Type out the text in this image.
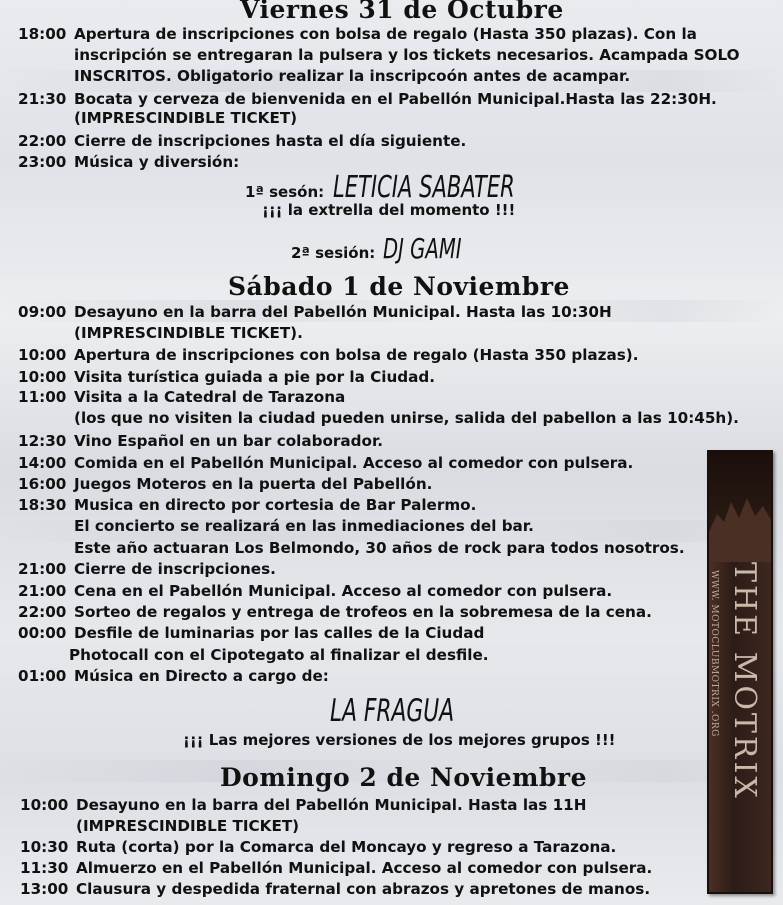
Viernes 31 de Octubre
18:00 Apertura de inscripciones con bolsa de regalo (Hasta 350 plazas). Con la
inscripción se entregaran la pulsera y los tickets necesarios. Acampada SOLO
INSCRITOS. Obligatorio realizar la inscripcoón antes de acampar.
21:30 Bocata y cerveza de bienvenida en el Pabellón Municipal.Hasta las 22:30H.
(IMPRESCINDIBLE TICKET)
22:00 Cierre de inscripciones hasta el día siguiente.
23:00 Música y diversión:
1ª sesón: LETICIA SABATER
¡¡¡ la extrella del momento !!!
2ª sesión: DJ GAMI
Sábado 1 de Noviembre
09:00 Desayuno en la barra del Pabellón Municipal. Hasta las 10:30H
(IMPRESCINDIBLE TICKET).
10:00 Apertura de inscripciones con bolsa de regalo (Hasta 350 plazas).
10:00 Visita turística guiada a pie por la Ciudad.
11:00 Visita a la Catedral de Tarazona
(los que no visiten la ciudad pueden unirse, salida del pabellon a las 10:45h).
12:30 Vino Español en un bar colaborador.
14:00 Comida en el Pabellón Municipal. Acceso al comedor con pulsera.
16:00 Juegos Moteros en la puerta del Pabellón.
18:30 Musica en directo por cortesia de Bar Palermo.
El concierto se realizará en las inmediaciones del bar.
Este año actuaran Los Belmondo, 30 años de rock para todos nosotros.
21:00 Cierre de inscripciones.
21:00 Cena en el Pabellón Municipal. Acceso al comedor con pulsera.
22:00 Sorteo de regalos y entrega de trofeos en la sobremesa de la cena.
00:00 Desfile de luminarias por las calles de la Ciudad
Photocall con el Cipotegato al finalizar el desfile.
01:00 Música en Directo a cargo de:
LA FRAGUA
¡¡¡ Las mejores versiones de los mejores grupos !!!
Domingo 2 de Noviembre
10:00 Desayuno en la barra del Pabellón Municipal. Hasta las 11H
(IMPRESCINDIBLE TICKET)
10:30 Ruta (corta) por la Comarca del Moncayo y regreso a Tarazona.
11:30 Almuerzo en el Pabellón Municipal. Acceso al comedor con pulsera.
13:00 Clausura y despedida fraternal con abrazos y apretones de manos.
THE MOTRIX
WWW. MOTOCLUBMOTRIX .ORG
